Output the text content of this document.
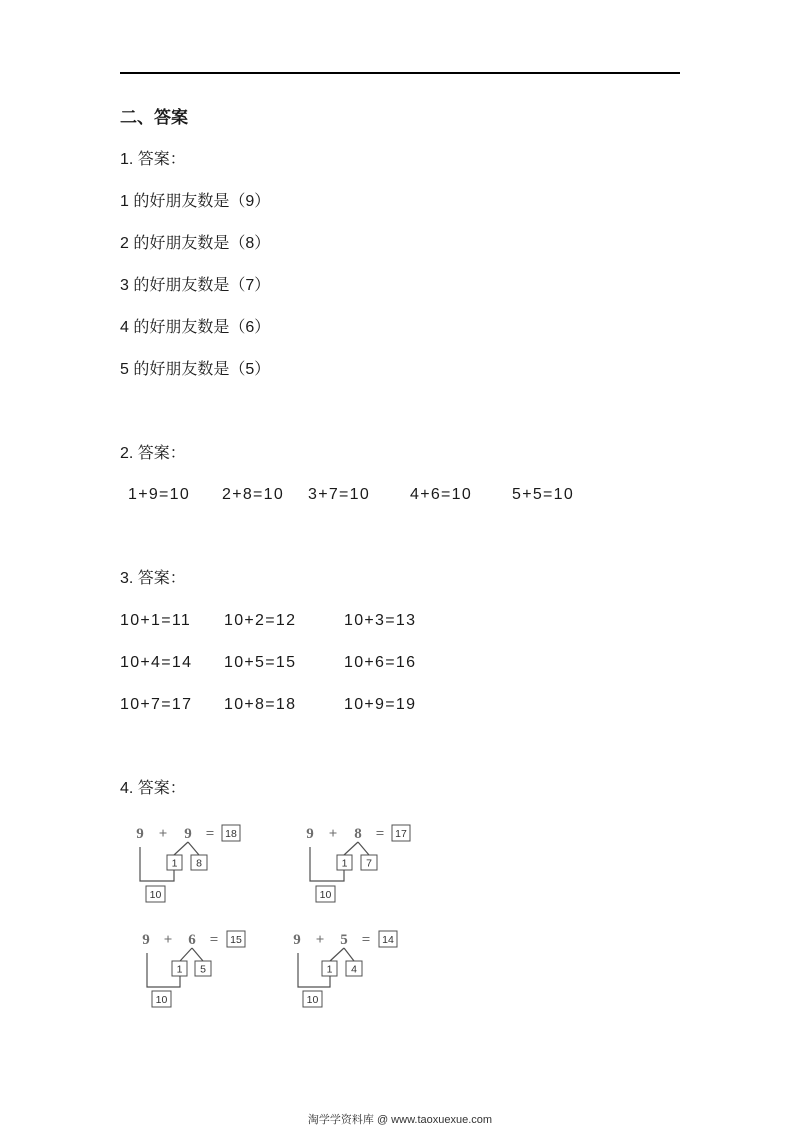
二、答案
1. 答案：
1 的好朋友数是（9）
2 的好朋友数是（8）
3 的好朋友数是（7）
4 的好朋友数是（6）
5 的好朋友数是（5）
2. 答案：
1+9=10 2+8=10 3+7=10 4+6=10 5+5=10
3. 答案：
10+1=11 10+2=12	10+3=13
10+4=14 10+5=15	10+6=16
10+7=17 10+8=18	10+9=19
4. 答案：
9 + 9 = 18
1 8
10
9 + 8 = 17
1 7
10
9 + 6 = 15
1 5
10
9 + 5 = 14
1 4
10
淘学学资料库 @ www.taoxuexue.com
